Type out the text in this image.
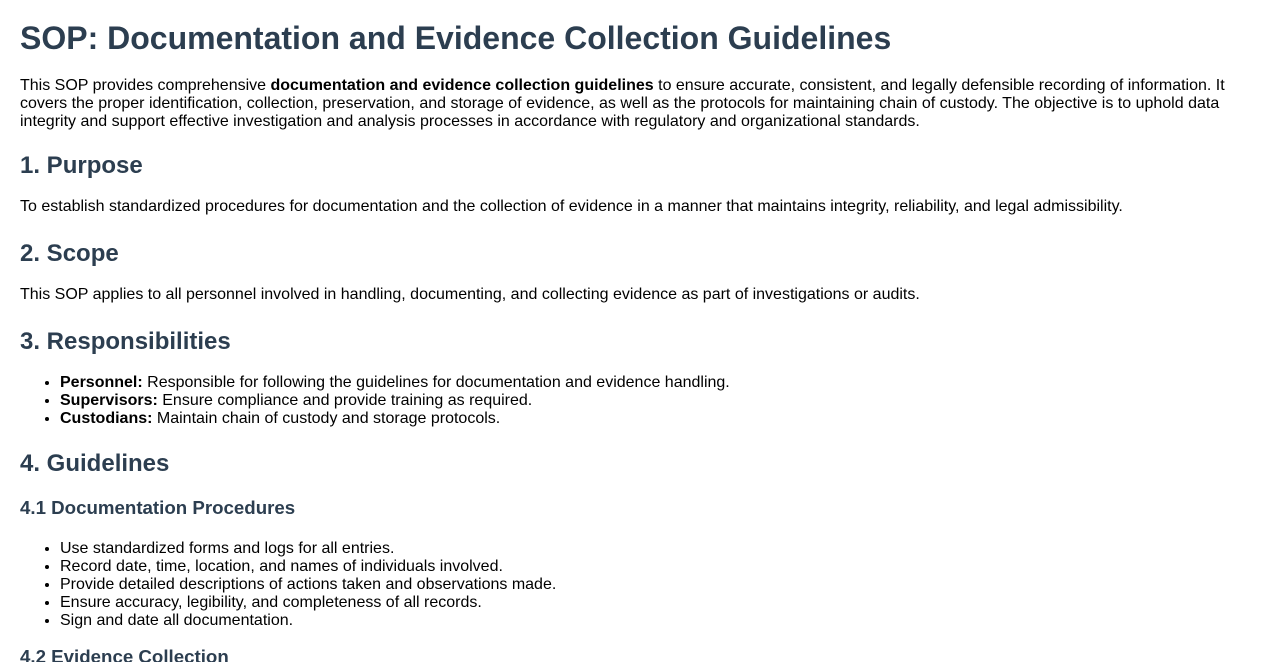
SOP: Documentation and Evidence Collection Guidelines

This SOP provides comprehensive documentation and evidence collection guidelines to ensure accurate, consistent, and legally defensible recording of information. It covers the proper identification, collection, preservation, and storage of evidence, as well as the protocols for maintaining chain of custody. The objective is to uphold data integrity and support effective investigation and analysis processes in accordance with regulatory and organizational standards.

1. Purpose

To establish standardized procedures for documentation and the collection of evidence in a manner that maintains integrity, reliability, and legal admissibility.

2. Scope

This SOP applies to all personnel involved in handling, documenting, and collecting evidence as part of investigations or audits.

3. Responsibilities
• Personnel: Responsible for following the guidelines for documentation and evidence handling.
• Supervisors: Ensure compliance and provide training as required.
• Custodians: Maintain chain of custody and storage protocols.
4. Guidelines
4.1 Documentation Procedures
• Use standardized forms and logs for all entries.
• Record date, time, location, and names of individuals involved.
• Provide detailed descriptions of actions taken and observations made.
• Ensure accuracy, legibility, and completeness of all records.
• Sign and date all documentation.
4.2 Evidence Collection
